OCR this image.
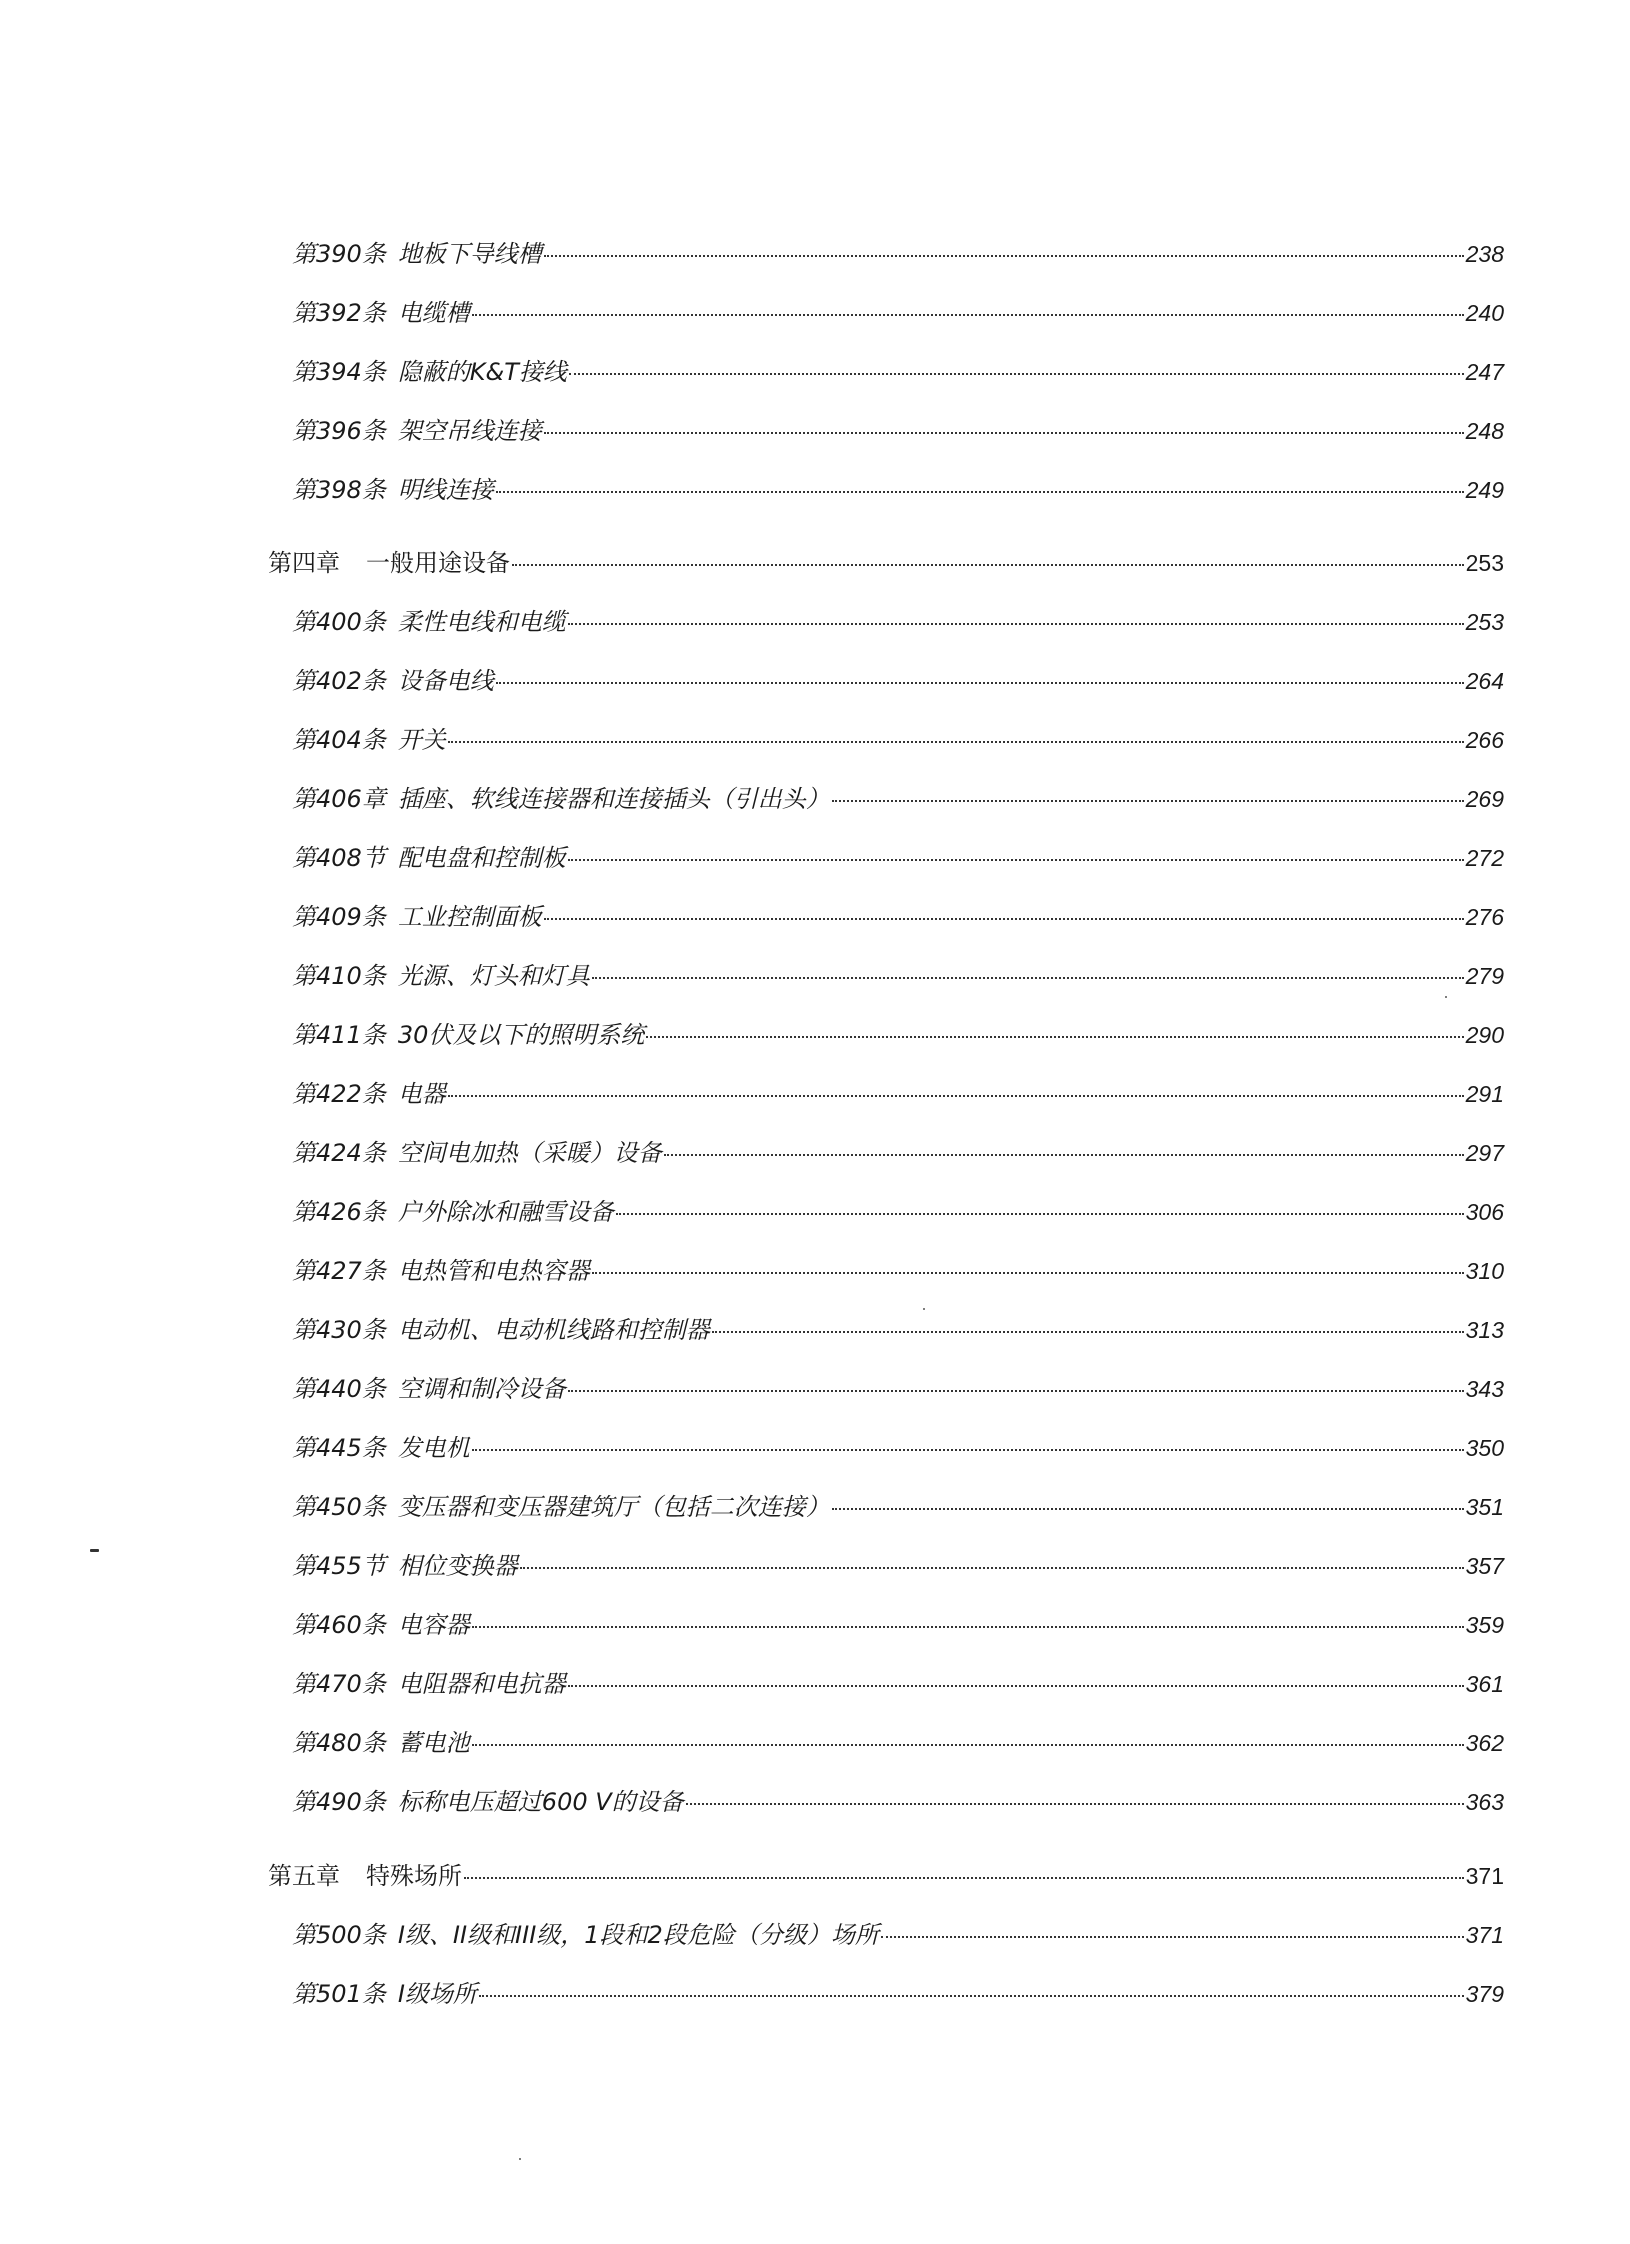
第390条 地板下导线槽	238
第392条 电缆槽	240
第394条 隐蔽的K&T接线	247
第396条 架空吊线连接	248
第398条 明线连接	249
第四章 一般用途设备	253
第400条 柔性电线和电缆	253
第402条 设备电线	264
第404条 开关	266
第406章 插座、软线连接器和连接插头（引出头）	269
第408节 配电盘和控制板	272
第409条 工业控制面板	276
第410条 光源、灯头和灯具	279
第411条 30伏及以下的照明系统	290
第422条 电器	291
第424条 空间电加热（采暖）设备	297
第426条 户外除冰和融雪设备	306
第427条 电热管和电热容器	310
第430条 电动机、电动机线路和控制器	313
第440条 空调和制冷设备	343
第445条 发电机	350
第450条 变压器和变压器建筑厅（包括二次连接）	351
第455节 相位变换器	357
第460条 电容器	359
第470条 电阻器和电抗器	361
第480条 蓄电池	362
第490条 标称电压超过600 V的设备	363
第五章 特殊场所	371
第500条 I级、II级和III级，1段和2段危险（分级）场所	371
第501条 I级场所	379
